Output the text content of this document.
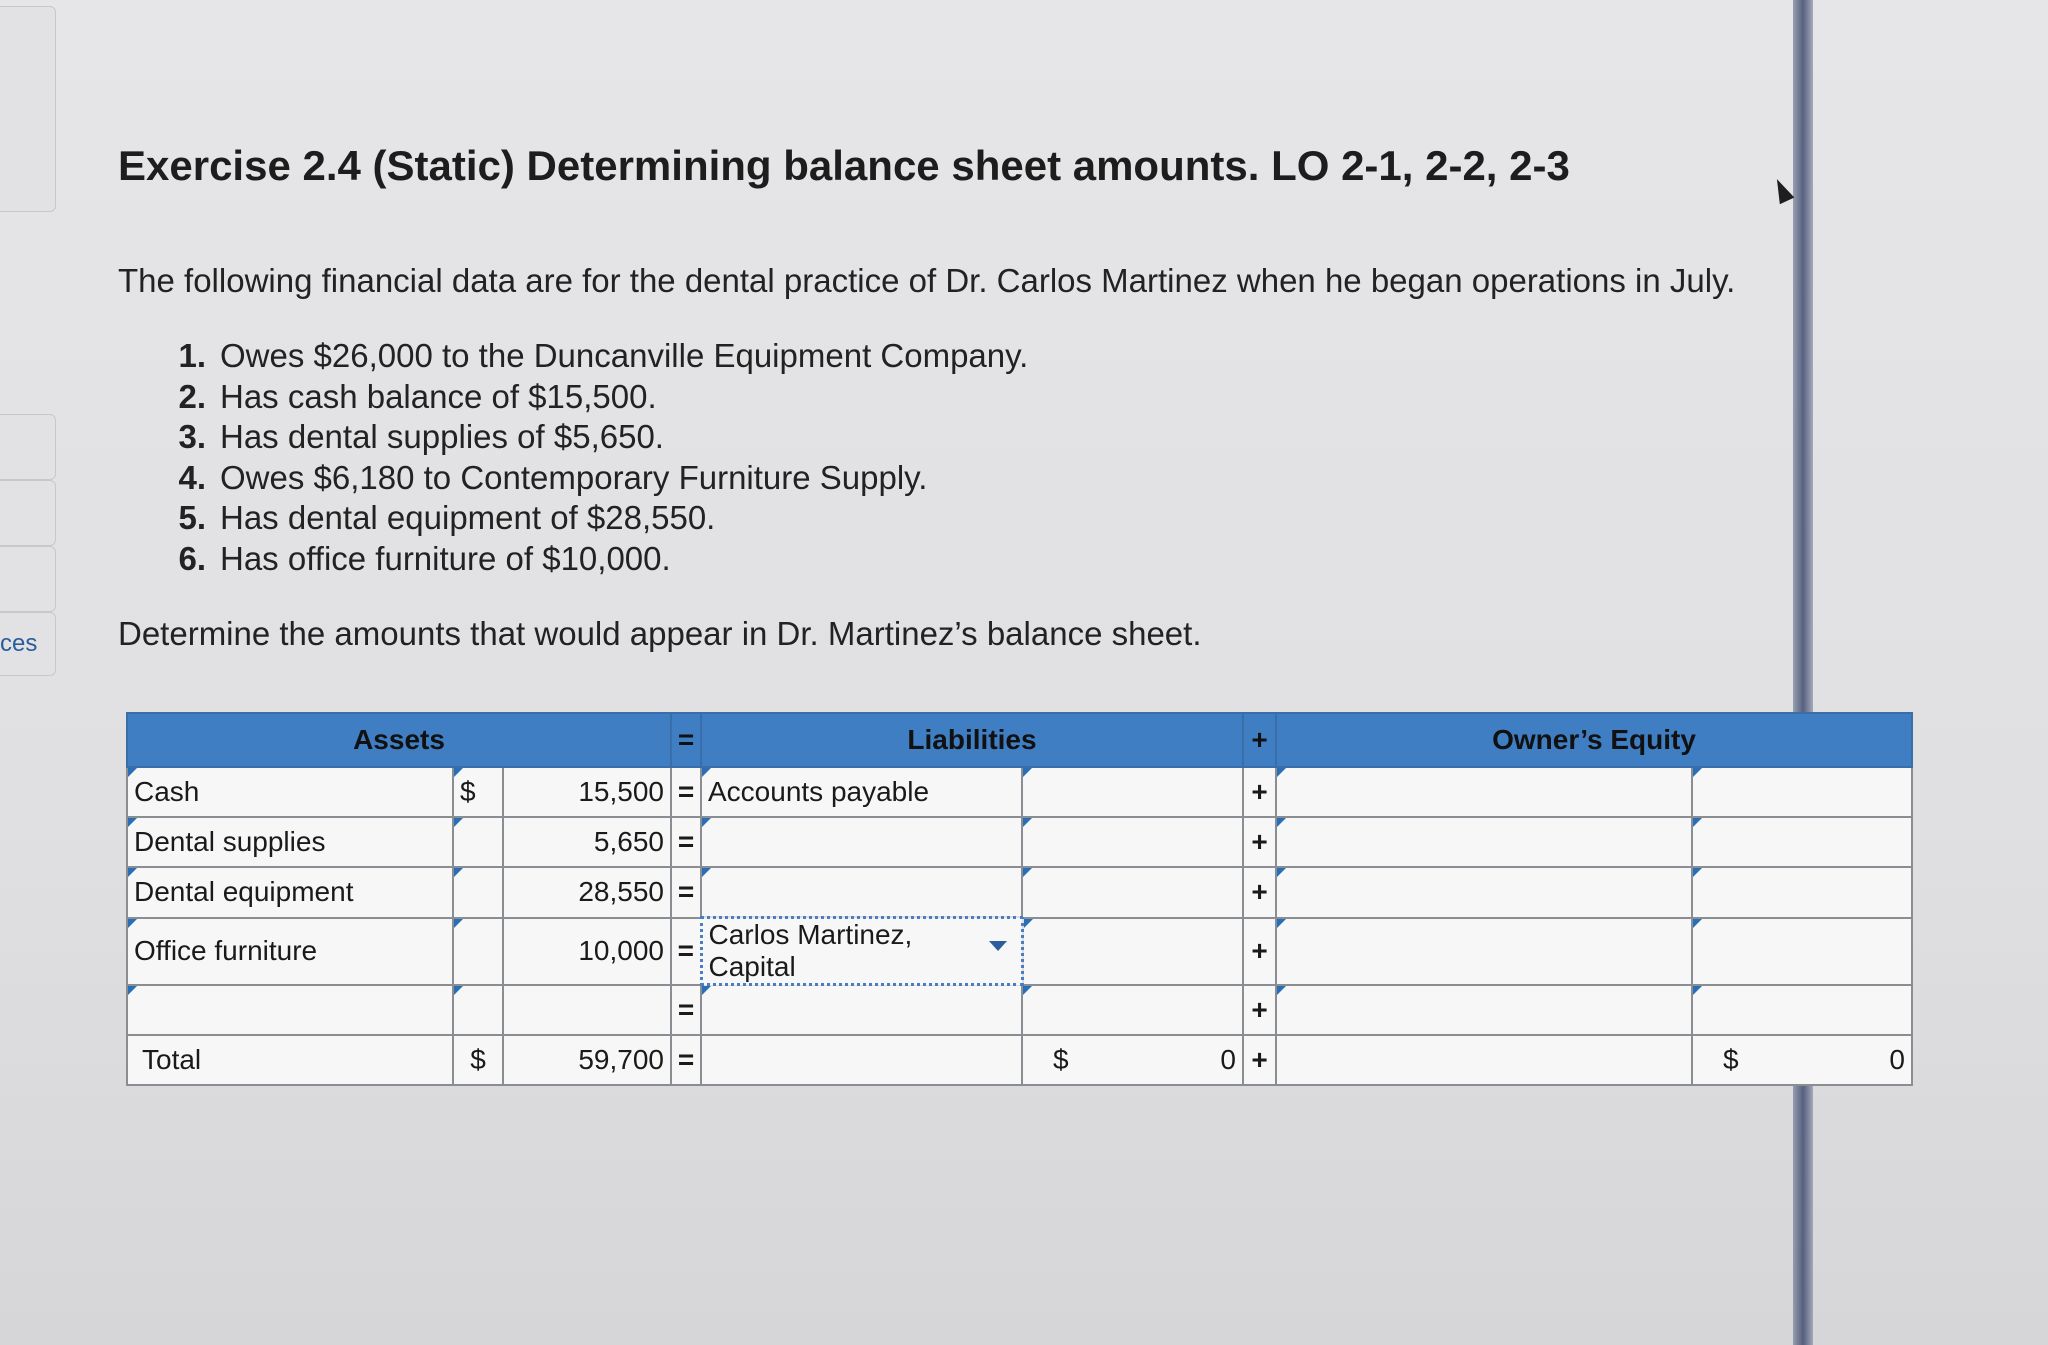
ces
Exercise 2.4 (Static) Determining balance sheet amounts. LO 2-1, 2-2, 2-3
The following financial data are for the dental practice of Dr. Carlos Martinez when he began operations in July.
1. Owes $26,000 to the Duncanville Equipment Company.
2. Has cash balance of $15,500.
3. Has dental supplies of $5,650.
4. Owes $6,180 to Contemporary Furniture Supply.
5. Has dental equipment of $28,550.
6. Has office furniture of $10,000.
Determine the amounts that would appear in Dr. Martinez’s balance sheet.
Assets			=	Liabilities		+	Owner’s Equity	
Cash	$	15,500	=	Accounts payable		+		
Dental supplies		5,650	=			+		
Dental equipment		28,550	=			+		
Office furniture		10,000	=	Carlos Martinez, Capital		+		
			=			+		
Total	$	59,700	=		$ 0	+		$ 0
